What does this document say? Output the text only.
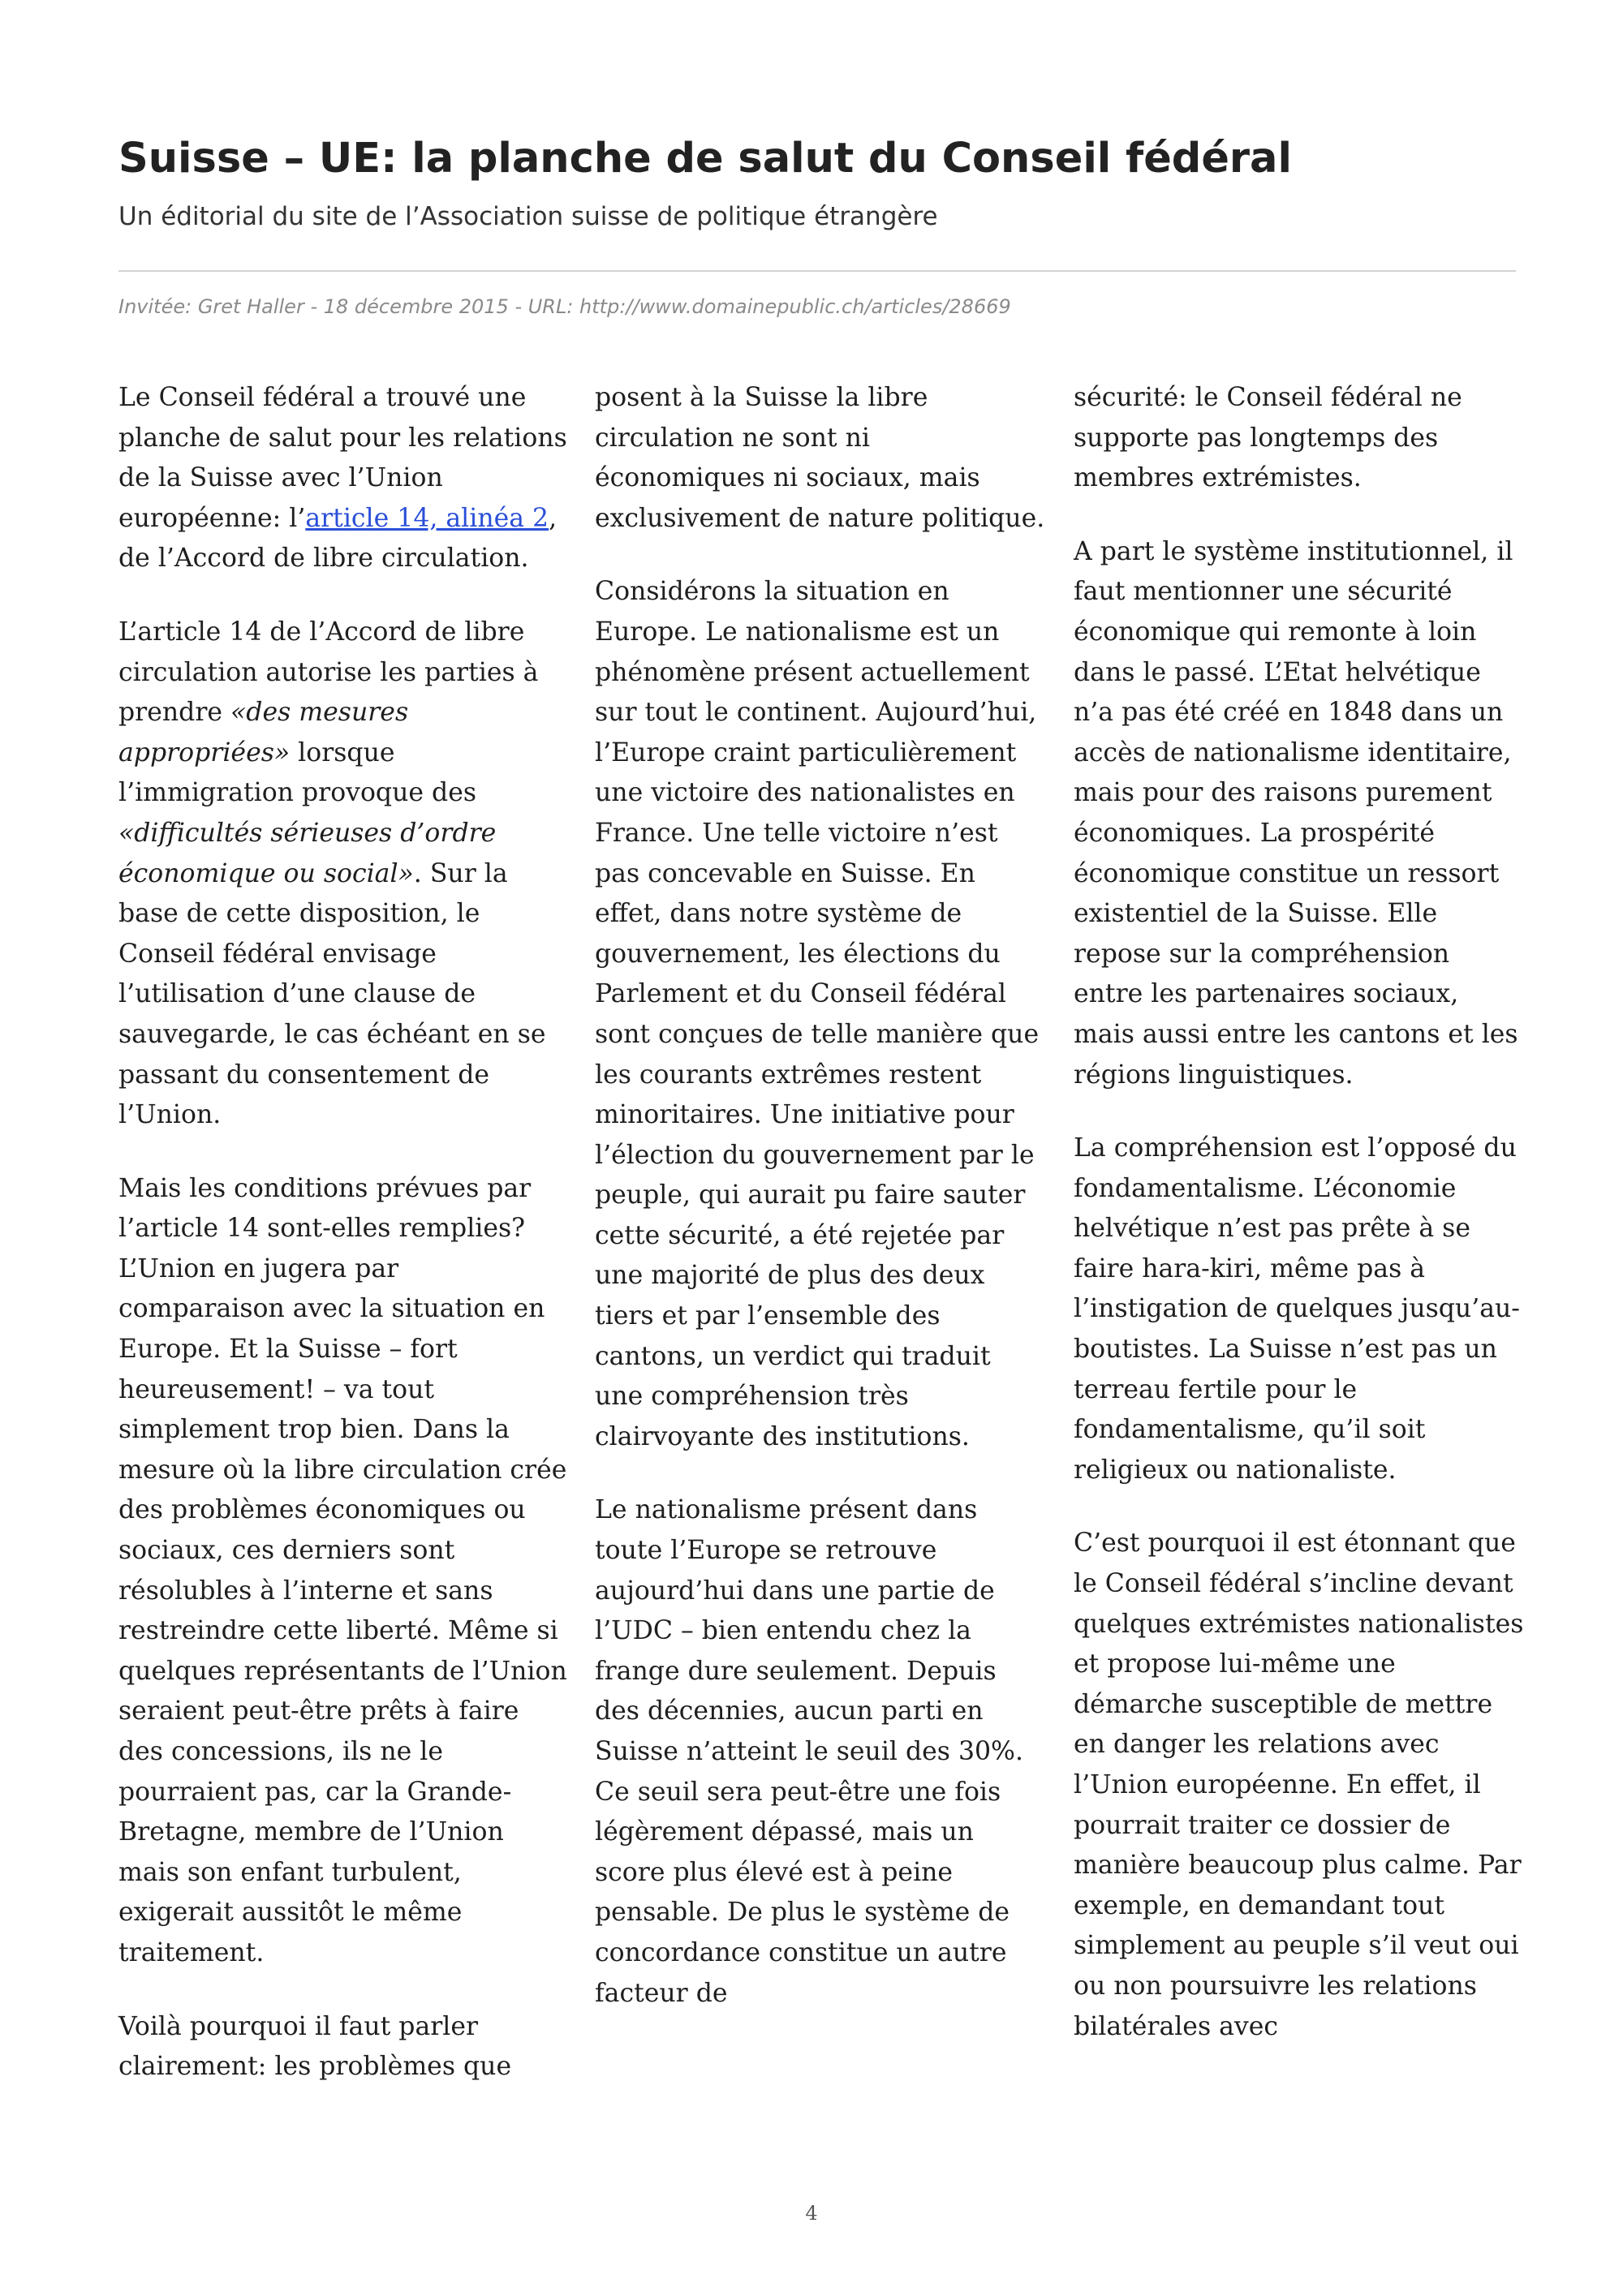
Suisse – UE: la planche de salut du Conseil fédéral

Un éditorial du site de l’Association suisse de politique étrangère

Invitée: Gret Haller - 18 décembre 2015 - URL: http://www.domainepublic.ch/articles/28669

Le Conseil fédéral a trouvé une planche de salut pour les relations de la Suisse avec l’Union européenne: l’article 14, alinéa 2, de l’Accord de libre circulation.

L’article 14 de l’Accord de libre circulation autorise les parties à prendre «des mesures appropriées» lorsque l’immigration provoque des «difficultés sérieuses d’ordre économique ou social». Sur la base de cette disposition, le Conseil fédéral envisage l’utilisation d’une clause de sauvegarde, le cas échéant en se passant du consentement de l’Union.

Mais les conditions prévues par l’article 14 sont-elles remplies? L’Union en jugera par comparaison avec la situation en Europe. Et la Suisse – fort heureusement! – va tout simplement trop bien. Dans la mesure où la libre circulation crée des problèmes économiques ou sociaux, ces derniers sont résolubles à l’interne et sans restreindre cette liberté. Même si quelques représentants de l’Union seraient peut-être prêts à faire des concessions, ils ne le pourraient pas, car la Grande-Bretagne, membre de l’Union mais son enfant turbulent, exigerait aussitôt le même traitement.

Voilà pourquoi il faut parler clairement: les problèmes que

posent à la Suisse la libre circulation ne sont ni économiques ni sociaux, mais exclusivement de nature politique.

Considérons la situation en Europe. Le nationalisme est un phénomène présent actuellement sur tout le continent. Aujourd’hui, l’Europe craint particulièrement une victoire des nationalistes en France. Une telle victoire n’est pas concevable en Suisse. En effet, dans notre système de gouvernement, les élections du Parlement et du Conseil fédéral sont conçues de telle manière que les courants extrêmes restent minoritaires. Une initiative pour l’élection du gouvernement par le peuple, qui aurait pu faire sauter cette sécurité, a été rejetée par une majorité de plus des deux tiers et par l’ensemble des cantons, un verdict qui traduit une compréhension très clairvoyante des institutions.

Le nationalisme présent dans toute l’Europe se retrouve aujourd’hui dans une partie de l’UDC – bien entendu chez la frange dure seulement. Depuis des décennies, aucun parti en Suisse n’atteint le seuil des 30%. Ce seuil sera peut-être une fois légèrement dépassé, mais un score plus élevé est à peine pensable. De plus le système de concordance constitue un autre facteur de

sécurité: le Conseil fédéral ne supporte pas longtemps des membres extrémistes.

A part le système institutionnel, il faut mentionner une sécurité économique qui remonte à loin dans le passé. L’Etat helvétique n’a pas été créé en 1848 dans un accès de nationalisme identitaire, mais pour des raisons purement économiques. La prospérité économique constitue un ressort existentiel de la Suisse. Elle repose sur la compréhension entre les partenaires sociaux, mais aussi entre les cantons et les régions linguistiques.

La compréhension est l’opposé du fondamentalisme. L’économie helvétique n’est pas prête à se faire hara-kiri, même pas à l’instigation de quelques jusqu’au-boutistes. La Suisse n’est pas un terreau fertile pour le fondamentalisme, qu’il soit religieux ou nationaliste.

C’est pourquoi il est étonnant que le Conseil fédéral s’incline devant quelques extrémistes nationalistes et propose lui-même une démarche susceptible de mettre en danger les relations avec l’Union européenne. En effet, il pourrait traiter ce dossier de manière beaucoup plus calme. Par exemple, en demandant tout simplement au peuple s’il veut oui ou non poursuivre les relations bilatérales avec

4
